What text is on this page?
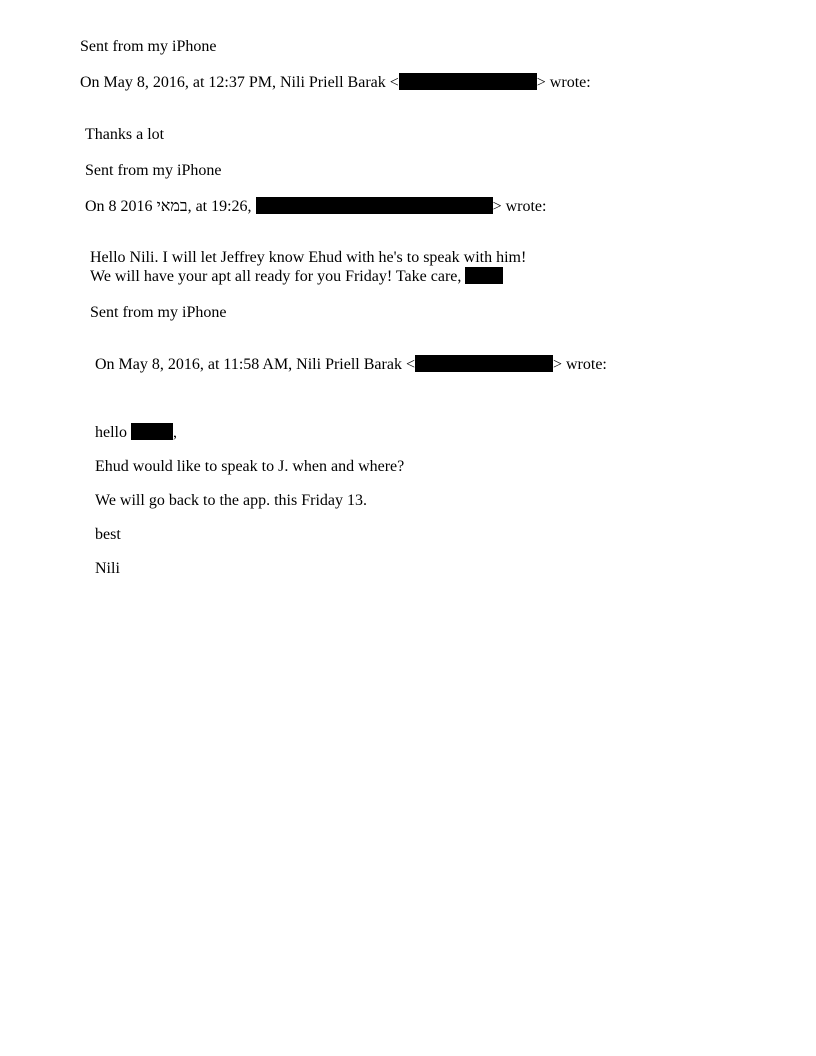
Sent from my iPhone

On May 8, 2016, at 12:37 PM, Nili Priell Barak <	> wrote:

Thanks a lot

Sent from my iPhone

On 8 2016 במאי, at 19:26,	> wrote:

Hello Nili. I will let Jeffrey know Ehud with he's to speak with him!

We will have your apt all ready for you Friday! Take care,

Sent from my iPhone

On May 8, 2016, at 11:58 AM, Nili Priell Barak <	> wrote:

hello	,

Ehud would like to speak to J. when and where?

We will go back to the app. this Friday 13.

best

Nili
